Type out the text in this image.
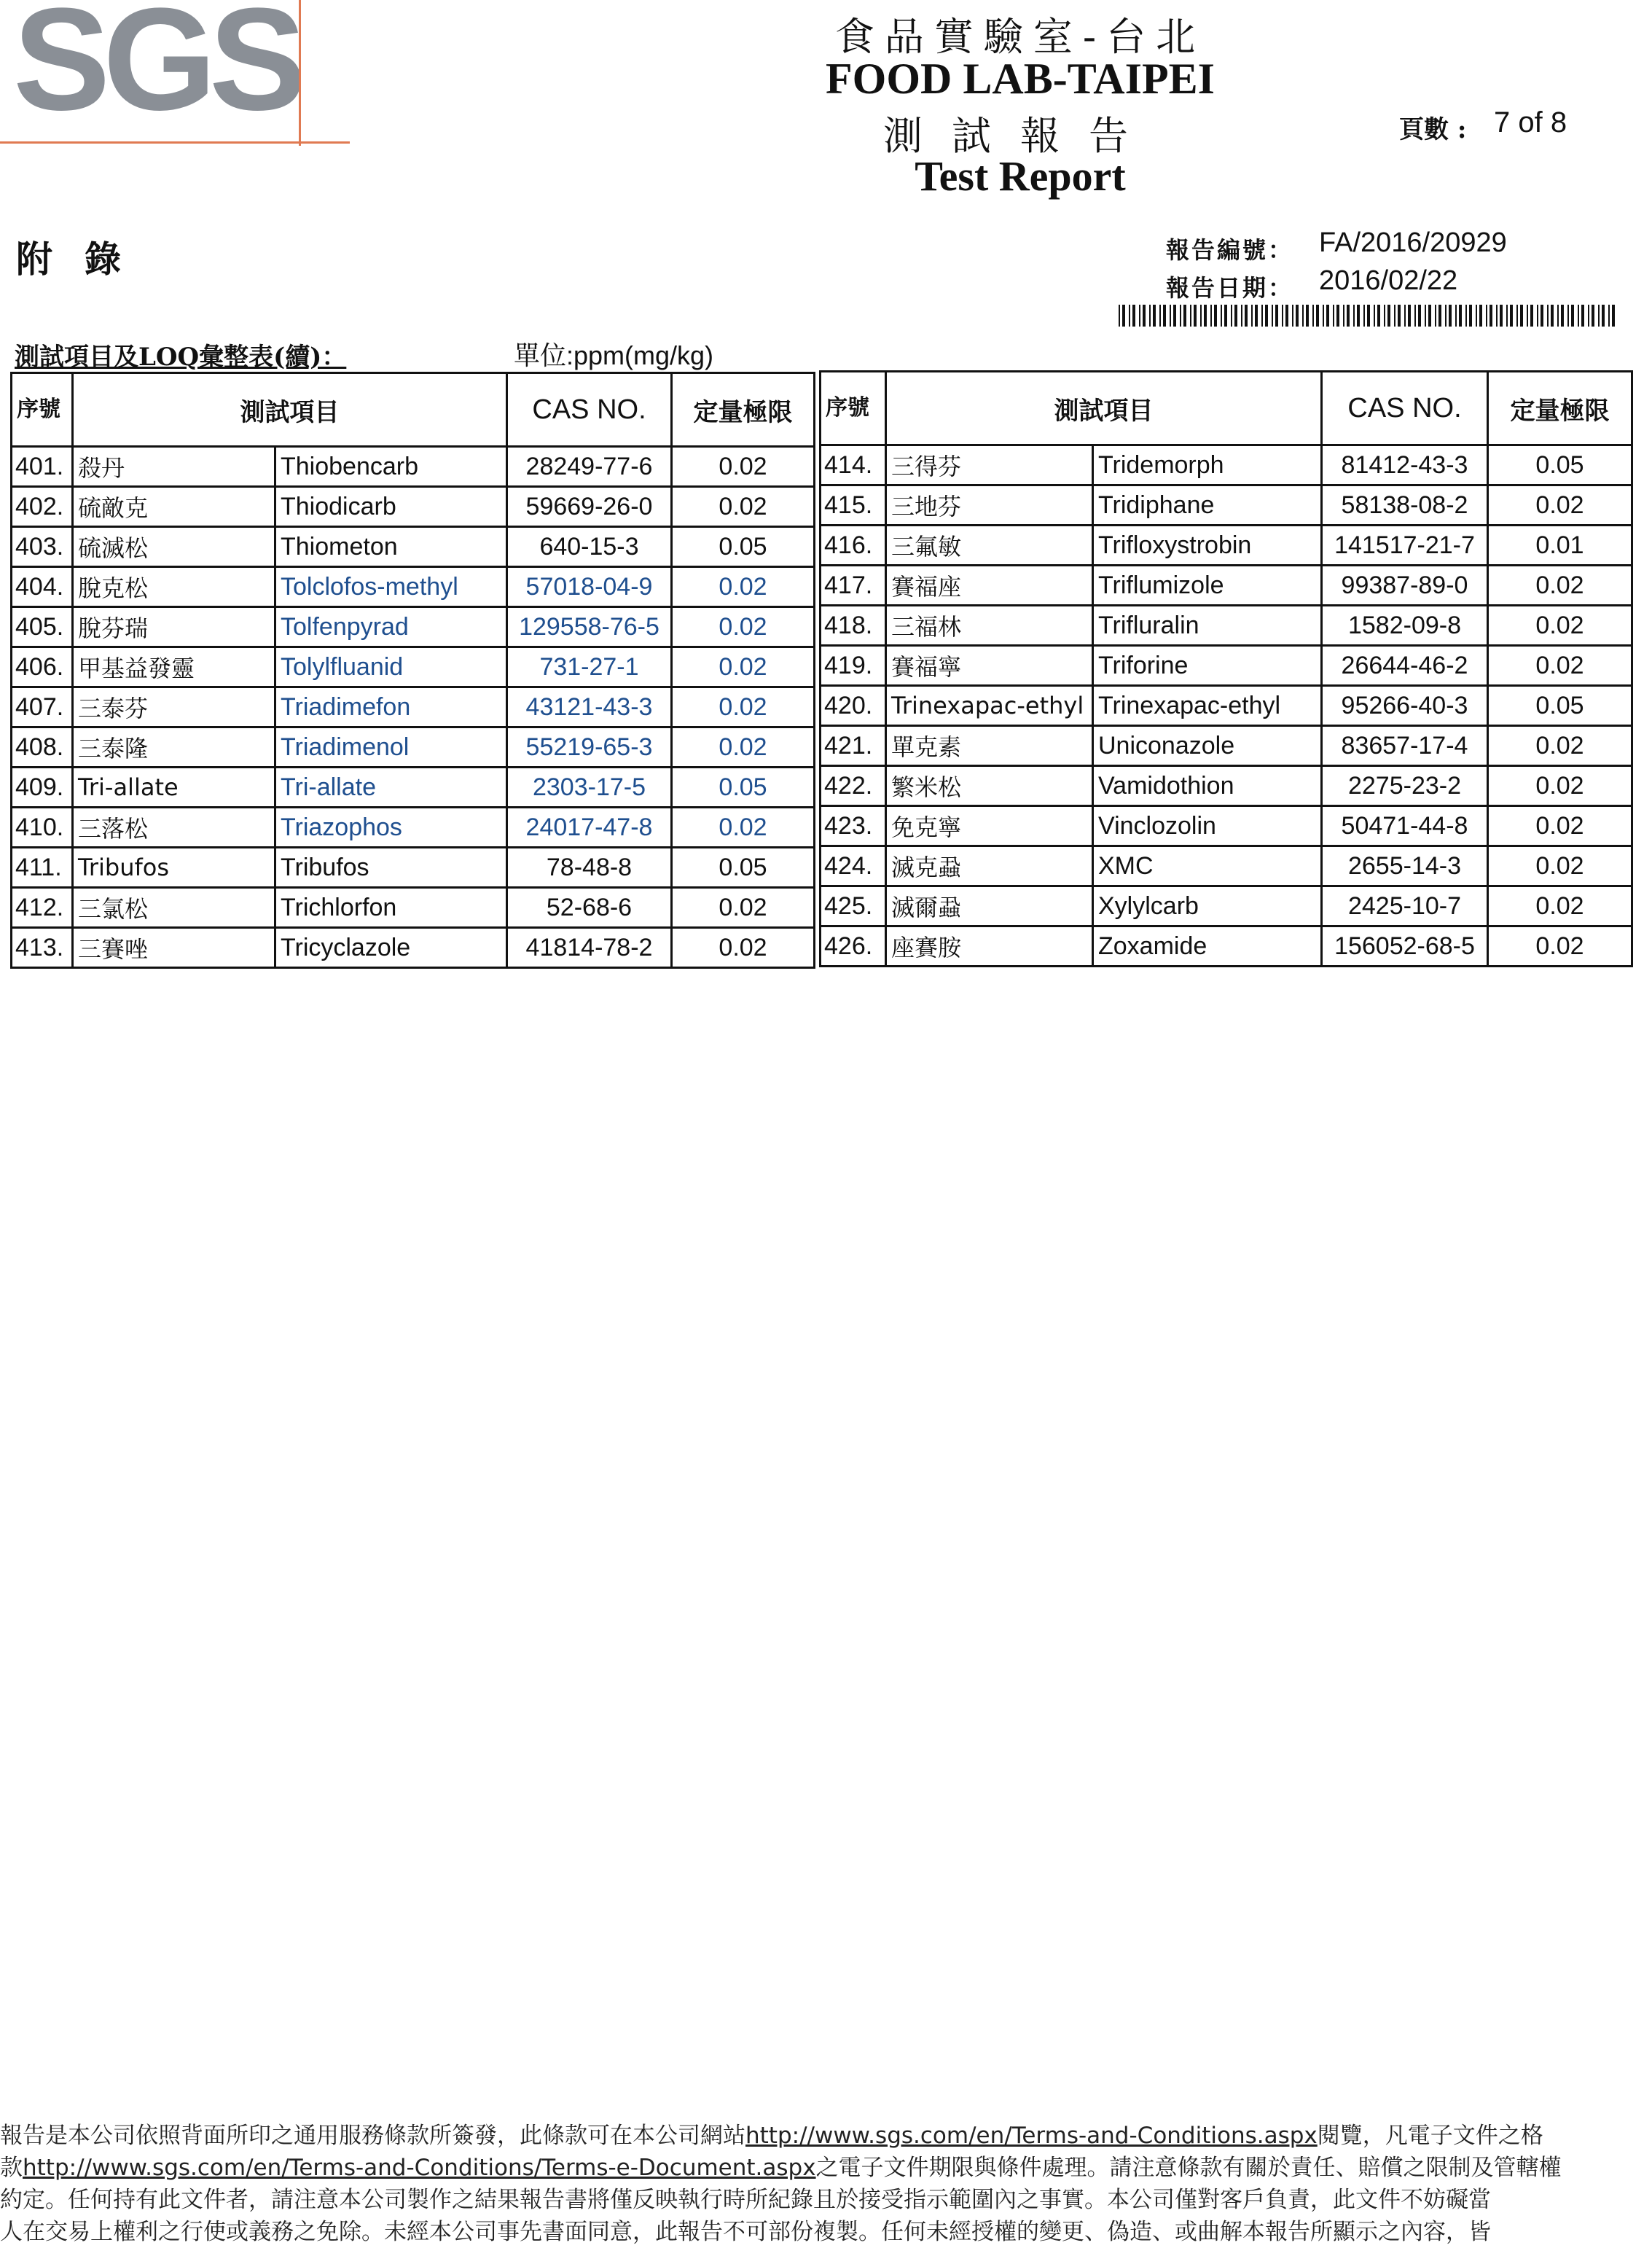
SGS	食品實驗室-台北
FOOD LAB-TAIPEI
測試報告
Test Report
頁數 : 7 of 8
附錄	報告編號： FA/2016/20929
報告日期： 2016/02/22
測試項目及LOQ彙整表(續)：	單位:ppm(mg/kg)
序號	測試項目		CAS NO.	定量極限
401.	殺丹	Thiobencarb	28249-77-6	0.02
402.	硫敵克	Thiodicarb	59669-26-0	0.02
403.	硫滅松	Thiometon	640-15-3	0.05
404.	脫克松	Tolclofos-methyl	57018-04-9	0.02
405.	脫芬瑞	Tolfenpyrad	129558-76-5	0.02
406.	甲基益發靈	Tolylfluanid	731-27-1	0.02
407.	三泰芬	Triadimefon	43121-43-3	0.02
408.	三泰隆	Triadimenol	55219-65-3	0.02
409.	Tri-allate	Tri-allate	2303-17-5	0.05
410.	三落松	Triazophos	24017-47-8	0.02
411.	Tribufos	Tribufos	78-48-8	0.05
412.	三氯松	Trichlorfon	52-68-6	0.02
413.	三賽唑	Tricyclazole	41814-78-2	0.02
序號	測試項目		CAS NO.	定量極限
414.	三得芬	Tridemorph	81412-43-3	0.05
415.	三地芬	Tridiphane	58138-08-2	0.02
416.	三氟敏	Trifloxystrobin	141517-21-7	0.01
417.	賽福座	Triflumizole	99387-89-0	0.02
418.	三福林	Trifluralin	1582-09-8	0.02
419.	賽福寧	Triforine	26644-46-2	0.02
420.	Trinexapac-ethyl	Trinexapac-ethyl	95266-40-3	0.05
421.	單克素	Uniconazole	83657-17-4	0.02
422.	繁米松	Vamidothion	2275-23-2	0.02
423.	免克寧	Vinclozolin	50471-44-8	0.02
424.	滅克蝨	XMC	2655-14-3	0.02
425.	滅爾蝨	Xylylcarb	2425-10-7	0.02
426.	座賽胺	Zoxamide	156052-68-5	0.02
報告是本公司依照背面所印之通用服務條款所簽發，此條款可在本公司網站http://www.sgs.com/en/Terms-and-Conditions.aspx閱覽，凡電子文件之格
款http://www.sgs.com/en/Terms-and-Conditions/Terms-e-Document.aspx之電子文件期限與條件處理。請注意條款有關於責任、賠償之限制及管轄權
約定。任何持有此文件者，請注意本公司製作之結果報告書將僅反映執行時所紀錄且於接受指示範圍內之事實。本公司僅對客戶負責，此文件不妨礙當
人在交易上權利之行使或義務之免除。未經本公司事先書面同意，此報告不可部份複製。任何未經授權的變更、偽造、或曲解本報告所顯示之內容，皆
